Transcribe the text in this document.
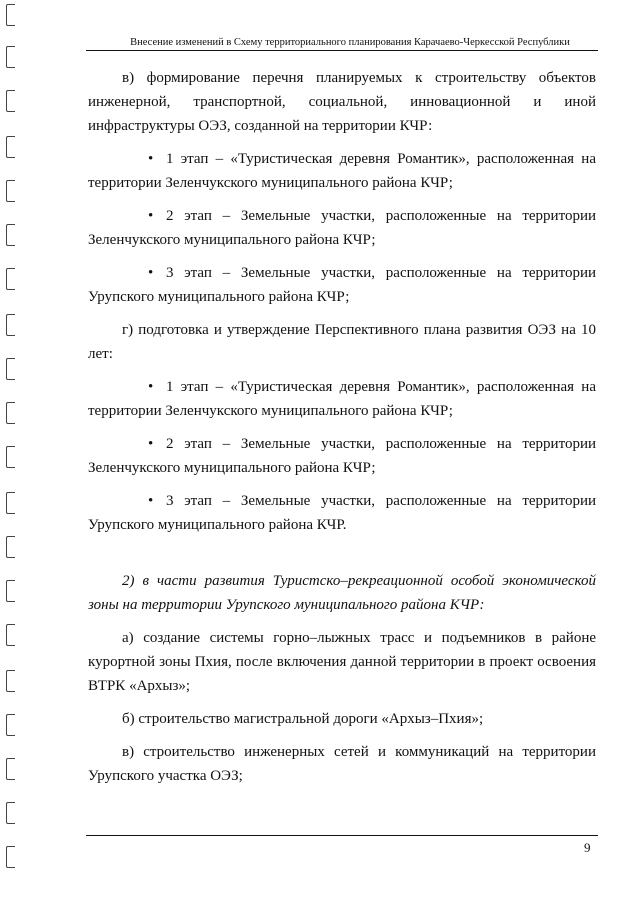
Внесение изменений в Схему территориального планирования Карачаево-Черкесской Республики

в) формирование перечня планируемых к строительству объектов инженерной, транспортной, социальной, инновационной и иной инфраструктуры ОЭЗ, созданной на территории КЧР:

• 1 этап – «Туристическая деревня Романтик», расположенная на территории Зеленчукского муниципального района КЧР;

• 2 этап – Земельные участки, расположенные на территории Зеленчукского муниципального района КЧР;

• 3 этап – Земельные участки, расположенные на территории Урупского муниципального района КЧР;

г) подготовка и утверждение Перспективного плана развития ОЭЗ на 10 лет:

• 1 этап – «Туристическая деревня Романтик», расположенная на территории Зеленчукского муниципального района КЧР;

• 2 этап – Земельные участки, расположенные на территории Зеленчукского муниципального района КЧР;

• 3 этап – Земельные участки, расположенные на территории Урупского муниципального района КЧР.

2) в части развития Туристско–рекреационной особой экономической зоны на территории Урупского муниципального района КЧР:

а) создание системы горно–лыжных трасс и подъемников в районе курортной зоны Пхия, после включения данной территории в проект освоения ВТРК «Архыз»;

б) строительство магистральной дороги «Архыз–Пхия»;

в) строительство инженерных сетей и коммуникаций на территории Урупского участка ОЭЗ;

9
